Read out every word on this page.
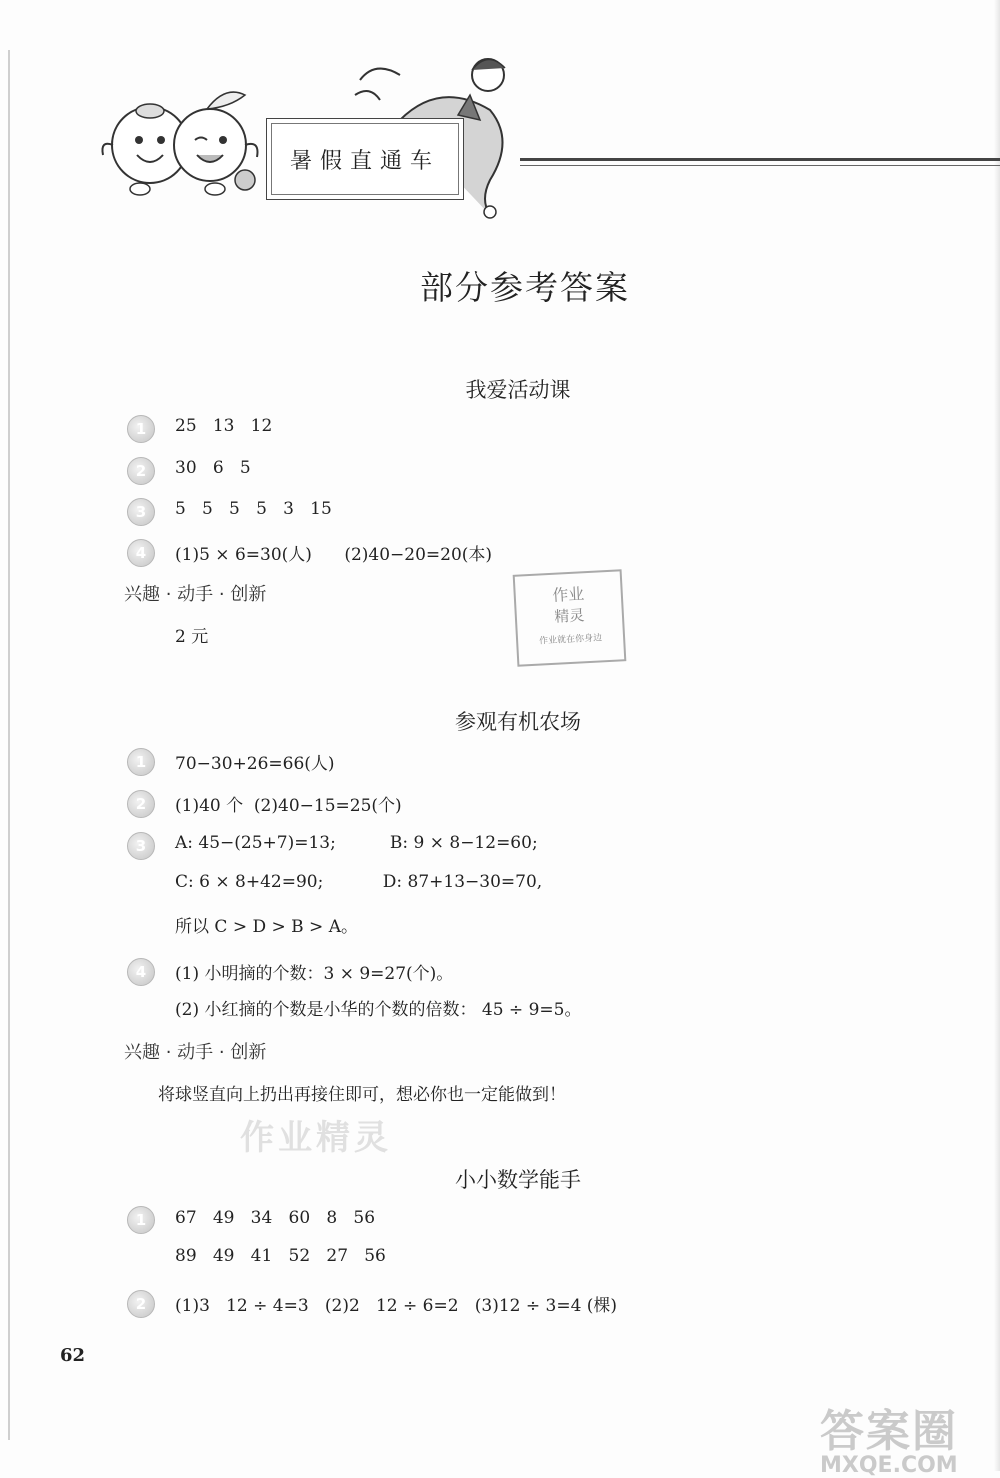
暑假直通车
部分参考答案
我爱活动课
1	25   13   12
2	30   6   5
3	5   5   5   5   3   15
4	(1)5 × 6=30(人)      (2)40−20=20(本)
兴趣 · 动手 · 创新
2 元
作业
精灵
作业就在你身边
参观有机农场
1	70−30+26=66(人)
2	(1)40 个  (2)40−15=25(个)
3	A: 45−(25+7)=13;          B: 9 × 8−12=60;
C: 6 × 8+42=90;           D: 87+13−30=70,
所以 C > D > B > A。
4	(1) 小明摘的个数：3 × 9=27(个)。
(2) 小红摘的个数是小华的个数的倍数： 45 ÷ 9=5。
兴趣 · 动手 · 创新
将球竖直向上扔出再接住即可，想必你也一定能做到！
作业精灵
小小数学能手
1	67   49   34   60   8   56
89   49   41   52   27   56
2	(1)3   12 ÷ 4=3   (2)2   12 ÷ 6=2   (3)12 ÷ 3=4 (棵)
62
答案圈
MXQE.COM
